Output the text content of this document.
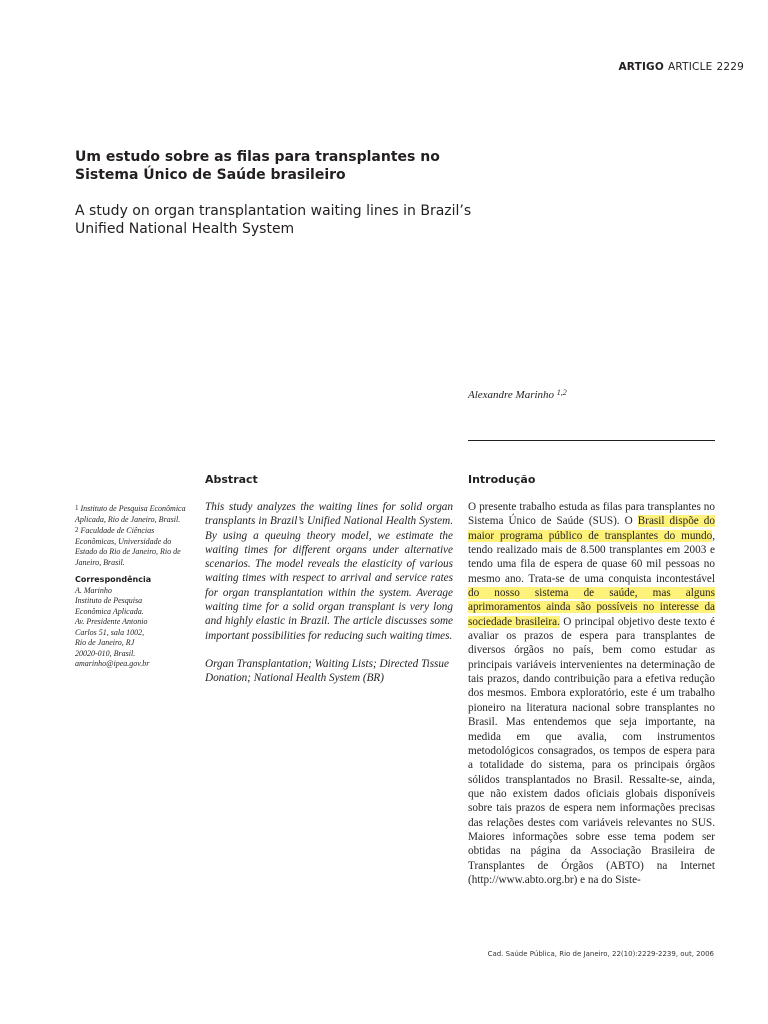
ARTIGO ARTICLE 2229
Um estudo sobre as filas para transplantes no Sistema Único de Saúde brasileiro
A study on organ transplantation waiting lines in Brazil’s Unified National Health System
Alexandre Marinho $^{1,2}$
Abstract	Introdução

$^1$ Instituto de Pesquisa Econômica Aplicada, Rio de Janeiro, Brasil.

$^2$ Faculdade de Ciências Econômicas, Universidade do Estado do Rio de Janeiro, Rio de Janeiro, Brasil.

Correspondência

A. Marinho

Instituto de Pesquisa

Econômica Aplicada.

Av. Presidente Antonio

Carlos 51, sala 1002,

Rio de Janeiro, RJ

20020-010, Brasil.

amarinho@ipea.gov.br

This study analyzes the waiting lines for solid organ transplants in Brazil’s Unified National Health System. By using a queuing theory model, we estimate the waiting times for different organs under alternative scenarios. The model reveals the elasticity of various waiting times with respect to arrival and service rates for organ transplantation within the system. Average waiting time for a solid organ transplant is very long and highly elastic in Brazil. The article discusses some important possibilities for reducing such waiting times.

Organ Transplantation; Waiting Lists; Directed Tissue Donation; National Health System (BR)

O presente trabalho estuda as filas para transplantes no Sistema Único de Saúde (SUS). O Brasil dispõe do maior programa público de transplantes do mundo, tendo realizado mais de 8.500 transplantes em 2003 e tendo uma fila de espera de quase 60 mil pessoas no mesmo ano. Trata-se de uma conquista incontestável do nosso sistema de saúde, mas alguns aprimoramentos ainda são possíveis no interesse da sociedade brasileira. O principal objetivo deste texto é avaliar os prazos de espera para transplantes de diversos órgãos no país, bem como estudar as principais variáveis intervenientes na determinação de tais prazos, dando contribuição para a efetiva redução dos mesmos. Embora exploratório, este é um trabalho pioneiro na literatura nacional sobre transplantes no Brasil. Mas entendemos que seja importante, na medida em que avalia, com instrumentos metodológicos consagrados, os tempos de espera para a totalidade do sistema, para os principais órgãos sólidos transplantados no Brasil. Ressalte-se, ainda, que não existem dados oficiais globais disponíveis sobre tais prazos de espera nem informações precisas das relações destes com variáveis relevantes no SUS. Maiores informações sobre esse tema podem ser obtidas na página da Associação Brasileira de Transplantes de Órgãos (ABTO) na Internet (http://www.abto.org.br) e na do Siste-
Cad. Saúde Pública, Rio de Janeiro, 22(10):2229-2239, out, 2006
